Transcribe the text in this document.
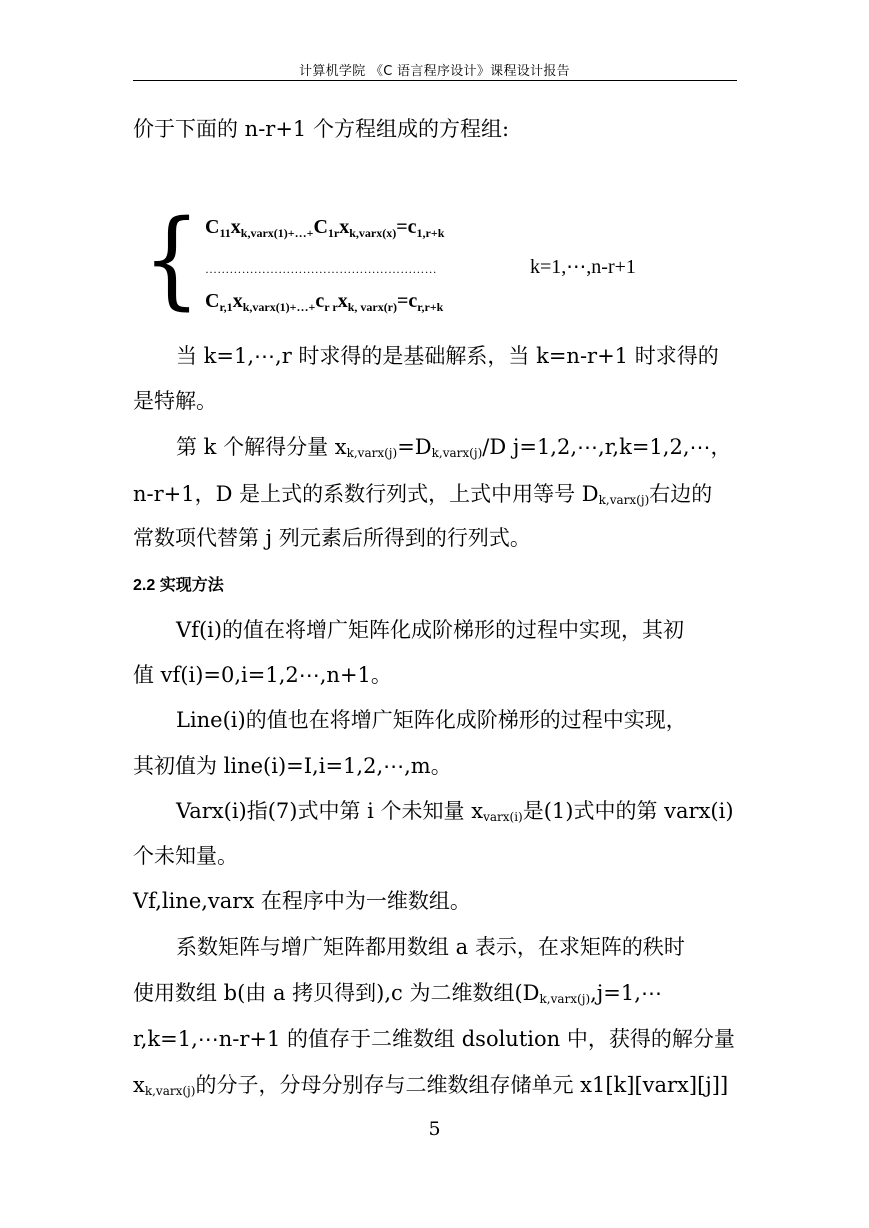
计算机学院 《C 语言程序设计》课程设计报告
价于下面的 n-r+1 个方程组成的方程组:
{ $C_{11}x_{k,varx(1)+\dots+}C_{1r}x_{k,varx(x)}=c_{1,r+k}$
…………………………………………………	k=1,⋯,n-r+1
$C_{r,1}x_{k,varx(1)+\dots+}c_{r r}x_{k, varx(r)}=c_{r,r+k}$
当 k=1,⋯,r 时求得的是基础解系，当 k=n-r+1 时求得的
是特解。
第 k 个解得分量 $x_{k,varx(j)}=D_{k,varx(j)}/D$ j=1,2,⋯,r,k=1,2,⋯，
n-r+1，D 是上式的系数行列式，上式中用等号 $D_{k,varx(j)}$右边的
常数项代替第 j 列元素后所得到的行列式。
2.2 实现方法
Vf(i)的值在将增广矩阵化成阶梯形的过程中实现，其初
值 vf(i)=0,i=1,2⋯,n+1。
Line(i)的值也在将增广矩阵化成阶梯形的过程中实现，
其初值为 line(i)=I,i=1,2,⋯,m。
Varx(i)指(7)式中第 i 个未知量 $x_{varx(i)}$是(1)式中的第 varx(i)
个未知量。
Vf,line,varx 在程序中为一维数组。
系数矩阵与增广矩阵都用数组 a 表示，在求矩阵的秩时
使用数组 b(由 a 拷贝得到),c 为二维数组($D_{k,varx(j)},j=1,\cdots$
r,k=1,⋯n-r+1 的值存于二维数组 dsolution 中，获得的解分量
$x_{k,varx(j)}$的分子，分母分别存与二维数组存储单元 x1[k][varx][j]]
5
